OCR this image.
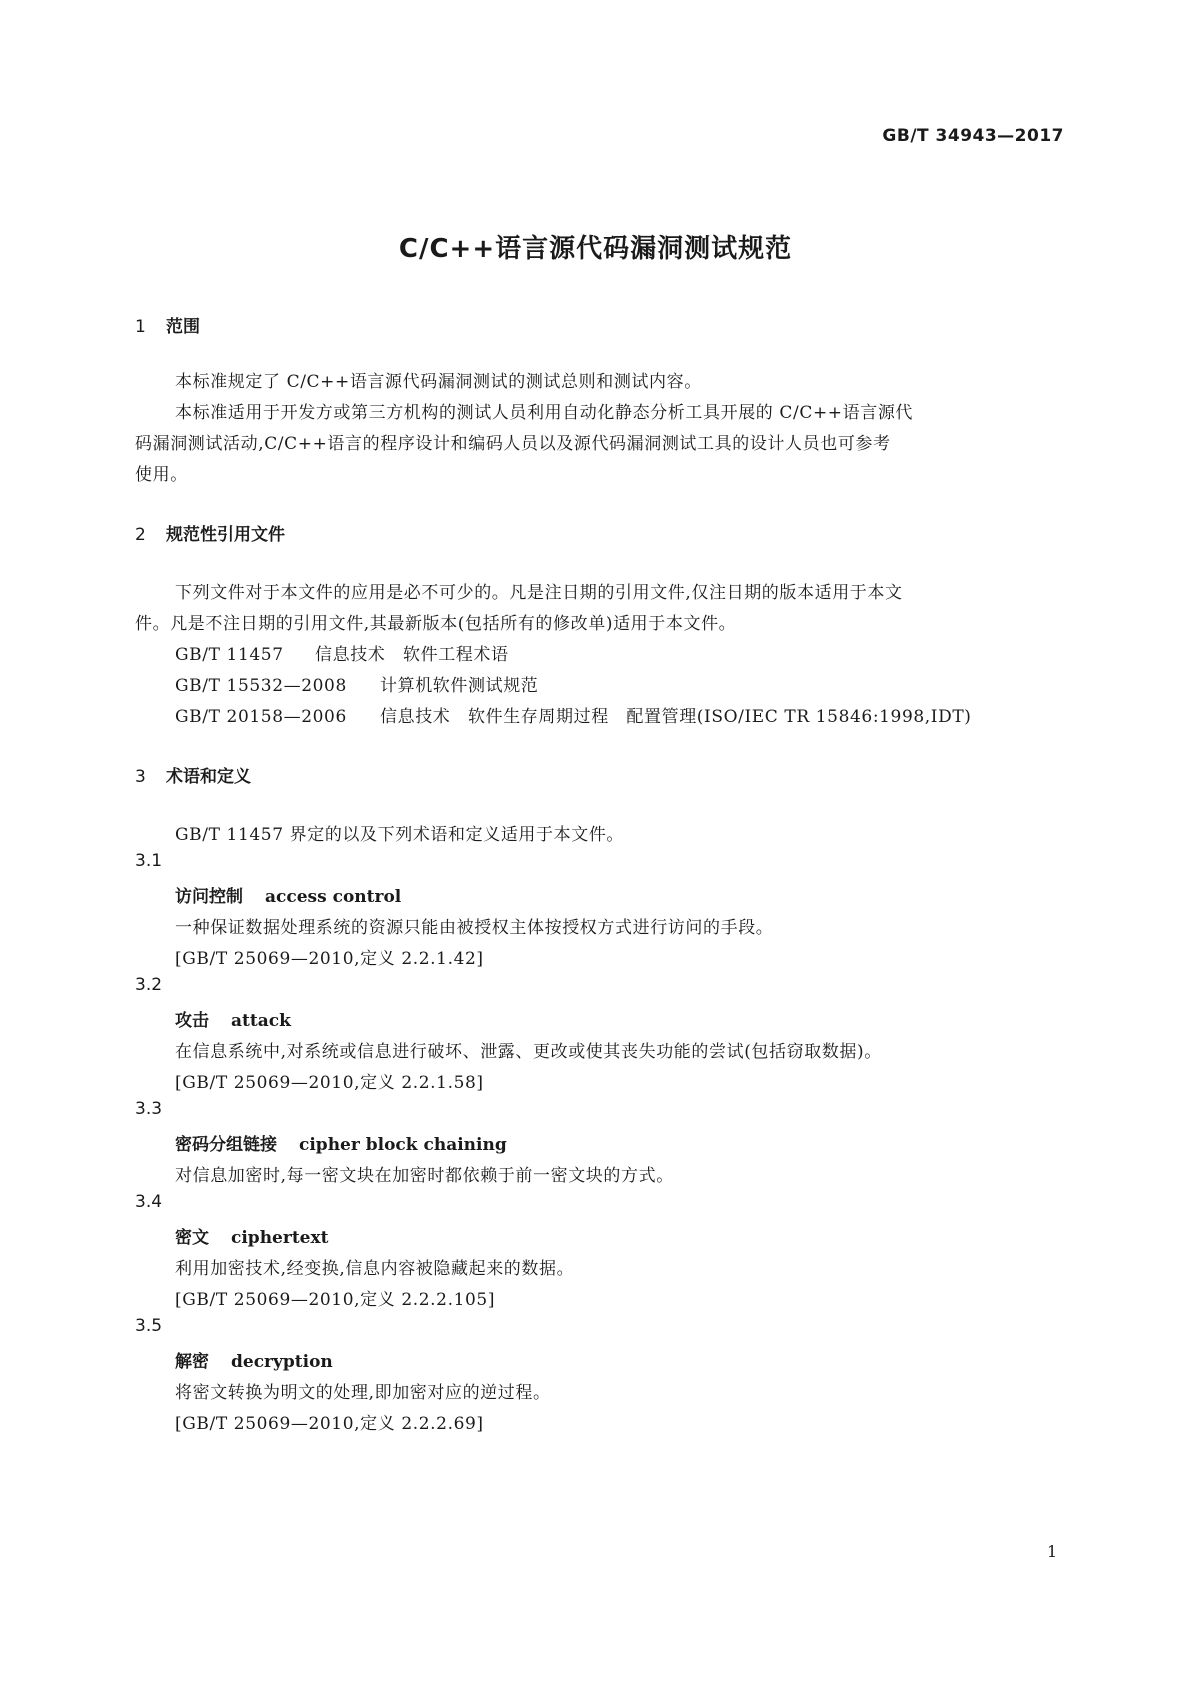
GB/T 34943—2017
C/C++语言源代码漏洞测试规范
1 范围
本标准规定了 C/C++语言源代码漏洞测试的测试总则和测试内容。
本标准适用于开发方或第三方机构的测试人员利用自动化静态分析工具开展的 C/C++语言源代
码漏洞测试活动,C/C++语言的程序设计和编码人员以及源代码漏洞测试工具的设计人员也可参考
使用。
2 规范性引用文件
下列文件对于本文件的应用是必不可少的。凡是注日期的引用文件,仅注日期的版本适用于本文
件。凡是不注日期的引用文件,其最新版本(包括所有的修改单)适用于本文件。
GB/T 11457 信息技术　软件工程术语
GB/T 15532—2008 计算机软件测试规范
GB/T 20158—2006 信息技术　软件生存周期过程　配置管理(ISO/IEC TR 15846:1998,IDT)
3 术语和定义
GB/T 11457 界定的以及下列术语和定义适用于本文件。
3.1
访问控制 access control
一种保证数据处理系统的资源只能由被授权主体按授权方式进行访问的手段。
[GB/T 25069—2010,定义 2.2.1.42]
3.2
攻击 attack
在信息系统中,对系统或信息进行破坏、泄露、更改或使其丧失功能的尝试(包括窃取数据)。
[GB/T 25069—2010,定义 2.2.1.58]
3.3
密码分组链接 cipher block chaining
对信息加密时,每一密文块在加密时都依赖于前一密文块的方式。
3.4
密文 ciphertext
利用加密技术,经变换,信息内容被隐藏起来的数据。
[GB/T 25069—2010,定义 2.2.2.105]
3.5
解密 decryption
将密文转换为明文的处理,即加密对应的逆过程。
[GB/T 25069—2010,定义 2.2.2.69]
1
